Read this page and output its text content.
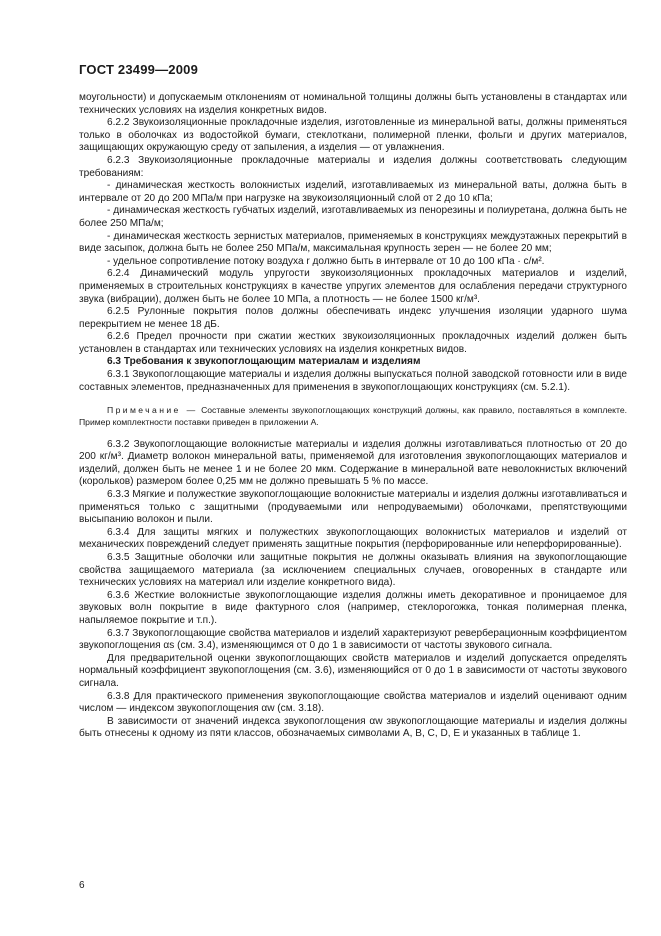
ГОСТ 23499—2009

моугольности) и допускаемым отклонениям от номинальной толщины должны быть установлены в стандартах или технических условиях на изделия конкретных видов.

6.2.2 Звукоизоляционные прокладочные изделия, изготовленные из минеральной ваты, должны применяться только в оболочках из водостойкой бумаги, стеклоткани, полимерной пленки, фольги и других материалов, защищающих окружающую среду от запыления, а изделия — от увлажнения.

6.2.3 Звукоизоляционные прокладочные материалы и изделия должны соответствовать следующим требованиям:

- динамическая жесткость волокнистых изделий, изготавливаемых из минеральной ваты, должна быть в интервале от 20 до 200 МПа/м при нагрузке на звукоизоляционный слой от 2 до 10 кПа;

- динамическая жесткость губчатых изделий, изготавливаемых из пенорезины и полиуретана, должна быть не более 250 МПа/м;

- динамическая жесткость зернистых материалов, применяемых в конструкциях междуэтажных перекрытий в виде засыпок, должна быть не более 250 МПа/м, максимальная крупность зерен — не более 20 мм;

- удельное сопротивление потоку воздуха r должно быть в интервале от 10 до 100 кПа · с/м².

6.2.4 Динамический модуль упругости звукоизоляционных прокладочных материалов и изделий, применяемых в строительных конструкциях в качестве упругих элементов для ослабления передачи структурного звука (вибрации), должен быть не более 10 МПа, а плотность — не более 1500 кг/м³.

6.2.5 Рулонные покрытия полов должны обеспечивать индекс улучшения изоляции ударного шума перекрытием не менее 18 дБ.

6.2.6 Предел прочности при сжатии жестких звукоизоляционных прокладочных изделий должен быть установлен в стандартах или технических условиях на изделия конкретных видов.

6.3 Требования к звукопоглощающим материалам и изделиям

6.3.1 Звукопоглощающие материалы и изделия должны выпускаться полной заводской готовности или в виде составных элементов, предназначенных для применения в звукопоглощающих конструкциях (см. 5.2.1).

Примечание — Составные элементы звукопоглощающих конструкций должны, как правило, поставляться в комплекте. Пример комплектности поставки приведен в приложении А.

6.3.2 Звукопоглощающие волокнистые материалы и изделия должны изготавливаться плотностью от 20 до 200 кг/м³. Диаметр волокон минеральной ваты, применяемой для изготовления звукопоглощающих материалов и изделий, должен быть не менее 1 и не более 20 мкм. Содержание в минеральной вате неволокнистых включений (корольков) размером более 0,25 мм не должно превышать 5 % по массе.

6.3.3 Мягкие и полужесткие звукопоглощающие волокнистые материалы и изделия должны изготавливаться и применяться только с защитными (продуваемыми или непродуваемыми) оболочками, препятствующими высыпанию волокон и пыли.

6.3.4 Для защиты мягких и полужестких звукопоглощающих волокнистых материалов и изделий от механических повреждений следует применять защитные покрытия (перфорированные или неперфорированные).

6.3.5 Защитные оболочки или защитные покрытия не должны оказывать влияния на звукопоглощающие свойства защищаемого материала (за исключением специальных случаев, оговоренных в стандарте или технических условиях на материал или изделие конкретного вида).

6.3.6 Жесткие волокнистые звукопоглощающие изделия должны иметь декоративное и проницаемое для звуковых волн покрытие в виде фактурного слоя (например, стеклорогожка, тонкая полимерная пленка, напыляемое покрытие и т.п.).

6.3.7 Звукопоглощающие свойства материалов и изделий характеризуют реверберационным коэффициентом звукопоглощения αs (см. 3.4), изменяющимся от 0 до 1 в зависимости от частоты звукового сигнала.

Для предварительной оценки звукопоглощающих свойств материалов и изделий допускается определять нормальный коэффициент звукопоглощения (см. 3.6), изменяющийся от 0 до 1 в зависимости от частоты звукового сигнала.

6.3.8 Для практического применения звукопоглощающие свойства материалов и изделий оценивают одним числом — индексом звукопоглощения αw (см. 3.18).

В зависимости от значений индекса звукопоглощения αw звукопоглощающие материалы и изделия должны быть отнесены к одному из пяти классов, обозначаемых символами A, B, C, D, E и указанных в таблице 1.

6
